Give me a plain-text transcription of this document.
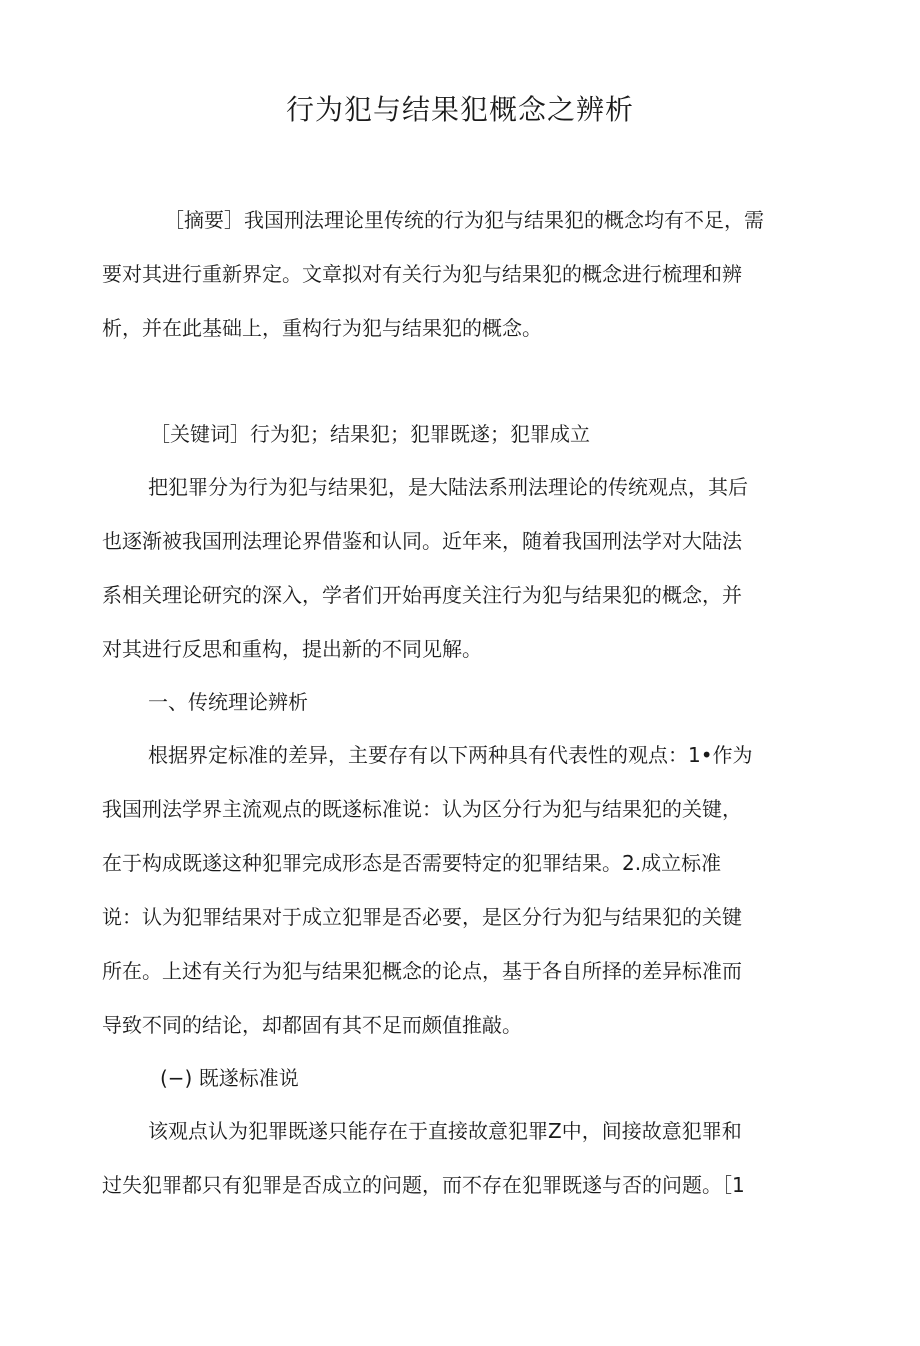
行为犯与结果犯概念之辨析
［摘要］我国刑法理论里传统的行为犯与结果犯的概念均有不足，需
要对其进行重新界定。文章拟对有关行为犯与结果犯的概念进行梳理和辨
析，并在此基础上，重构行为犯与结果犯的概念。
［关键词］行为犯；结果犯；犯罪既遂；犯罪成立
把犯罪分为行为犯与结果犯，是大陆法系刑法理论的传统观点，其后
也逐渐被我国刑法理论界借鉴和认同。近年来，随着我国刑法学对大陆法
系相关理论研究的深入，学者们开始再度关注行为犯与结果犯的概念，并
对其进行反思和重构，提出新的不同见解。
一、传统理论辨析
根据界定标准的差异，主要存有以下两种具有代表性的观点：1•作为
我国刑法学界主流观点的既遂标准说：认为区分行为犯与结果犯的关键，
在于构成既遂这种犯罪完成形态是否需要特定的犯罪结果。2.成立标准
说：认为犯罪结果对于成立犯罪是否必要，是区分行为犯与结果犯的关键
所在。上述有关行为犯与结果犯概念的论点，基于各自所择的差异标准而
导致不同的结论，却都固有其不足而颇值推敲。
(−) 既遂标准说
该观点认为犯罪既遂只能存在于直接故意犯罪Z中，间接故意犯罪和
过失犯罪都只有犯罪是否成立的问题，而不存在犯罪既遂与否的问题。［1
